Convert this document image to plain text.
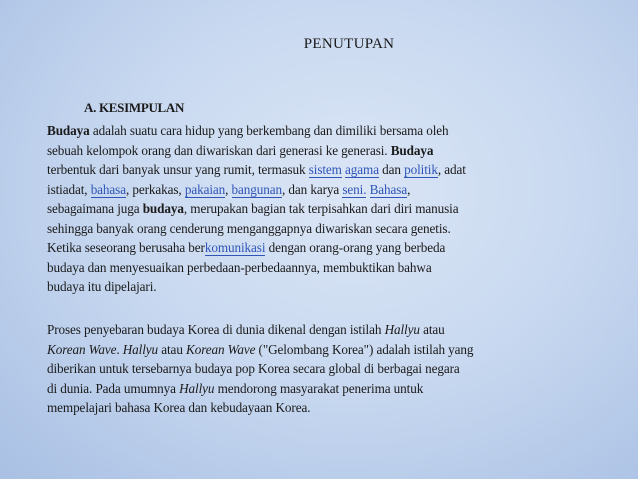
PENUTUPAN
A. KESIMPULAN
Budaya adalah suatu cara hidup yang berkembang dan dimiliki bersama oleh
sebuah kelompok orang dan diwariskan dari generasi ke generasi. Budaya
terbentuk dari banyak unsur yang rumit, termasuk sistem agama dan politik, adat
istiadat, bahasa, perkakas, pakaian, bangunan, dan karya seni. Bahasa,
sebagaimana juga budaya, merupakan bagian tak terpisahkan dari diri manusia
sehingga banyak orang cenderung menganggapnya diwariskan secara genetis.
Ketika seseorang berusaha berkomunikasi dengan orang-orang yang berbeda
budaya dan menyesuaikan perbedaan-perbedaannya, membuktikan bahwa
budaya itu dipelajari.
Proses penyebaran budaya Korea di dunia dikenal dengan istilah Hallyu atau
Korean Wave. Hallyu atau Korean Wave ("Gelombang Korea") adalah istilah yang
diberikan untuk tersebarnya budaya pop Korea secara global di berbagai negara
di dunia. Pada umumnya Hallyu mendorong masyarakat penerima untuk
mempelajari bahasa Korea dan kebudayaan Korea.
